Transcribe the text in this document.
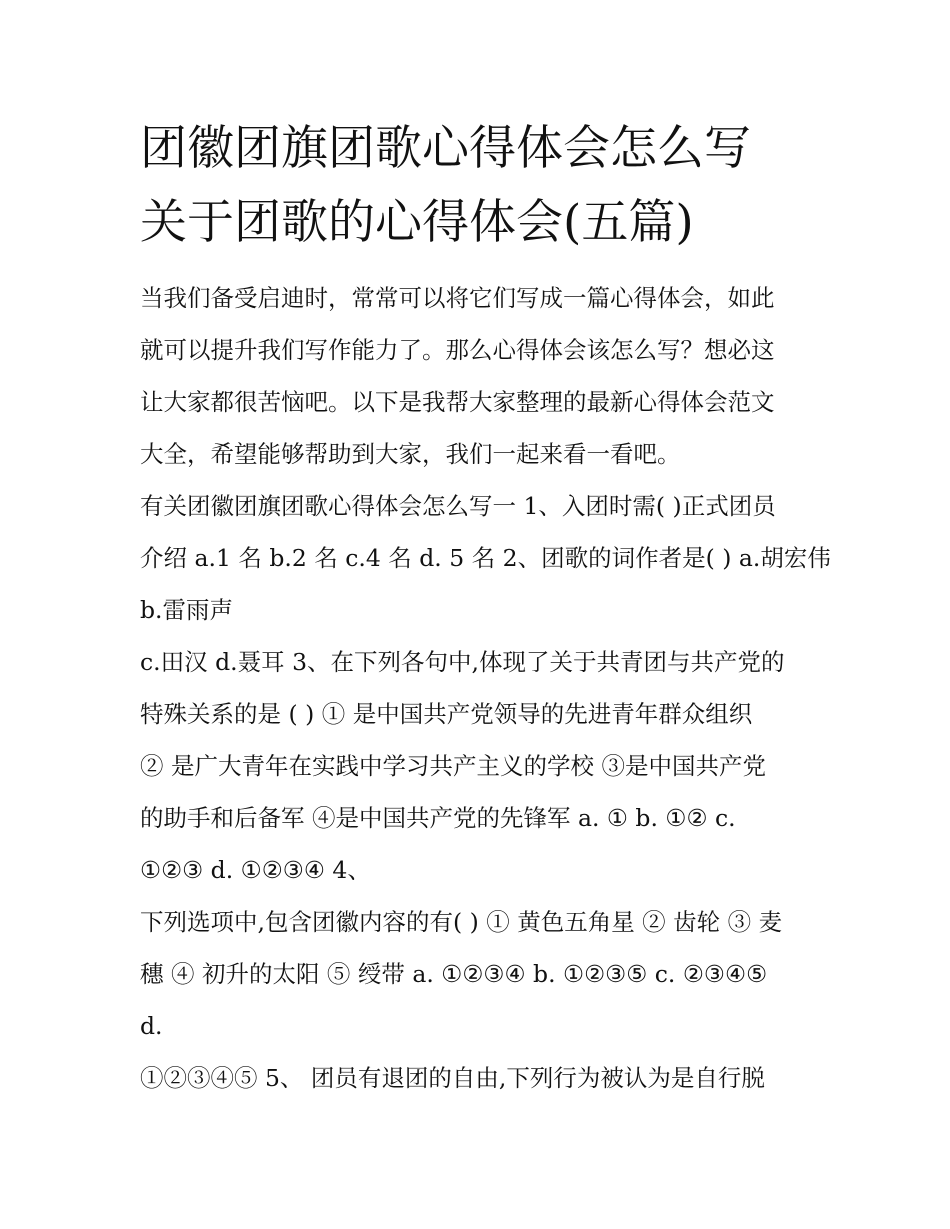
团徽团旗团歌心得体会怎么写
关于团歌的心得体会(五篇)
当我们备受启迪时，常常可以将它们写成一篇心得体会，如此
就可以提升我们写作能力了。那么心得体会该怎么写？想必这
让大家都很苦恼吧。以下是我帮大家整理的最新心得体会范文
大全，希望能够帮助到大家，我们一起来看一看吧。
有关团徽团旗团歌心得体会怎么写一 1、入团时需( )正式团员
介绍 a.1 名 b.2 名 c.4 名 d. 5 名 2、团歌的词作者是( ) a.胡宏伟
b.雷雨声
c.田汉 d.聂耳 3、在下列各句中,体现了关于共青团与共产党的
特殊关系的是 ( ) ① 是中国共产党领导的先进青年群众组织
② 是广大青年在实践中学习共产主义的学校 ③是中国共产党
的助手和后备军 ④是中国共产党的先锋军 a. ① b. ①② c.
①②③ d. ①②③④ 4、
下列选项中,包含团徽内容的有( ) ① 黄色五角星 ② 齿轮 ③ 麦
穗 ④ 初升的太阳 ⑤ 绶带 a. ①②③④ b. ①②③⑤ c. ②③④⑤
d.
①②③④⑤ 5、 团员有退团的自由,下列行为被认为是自行脱
